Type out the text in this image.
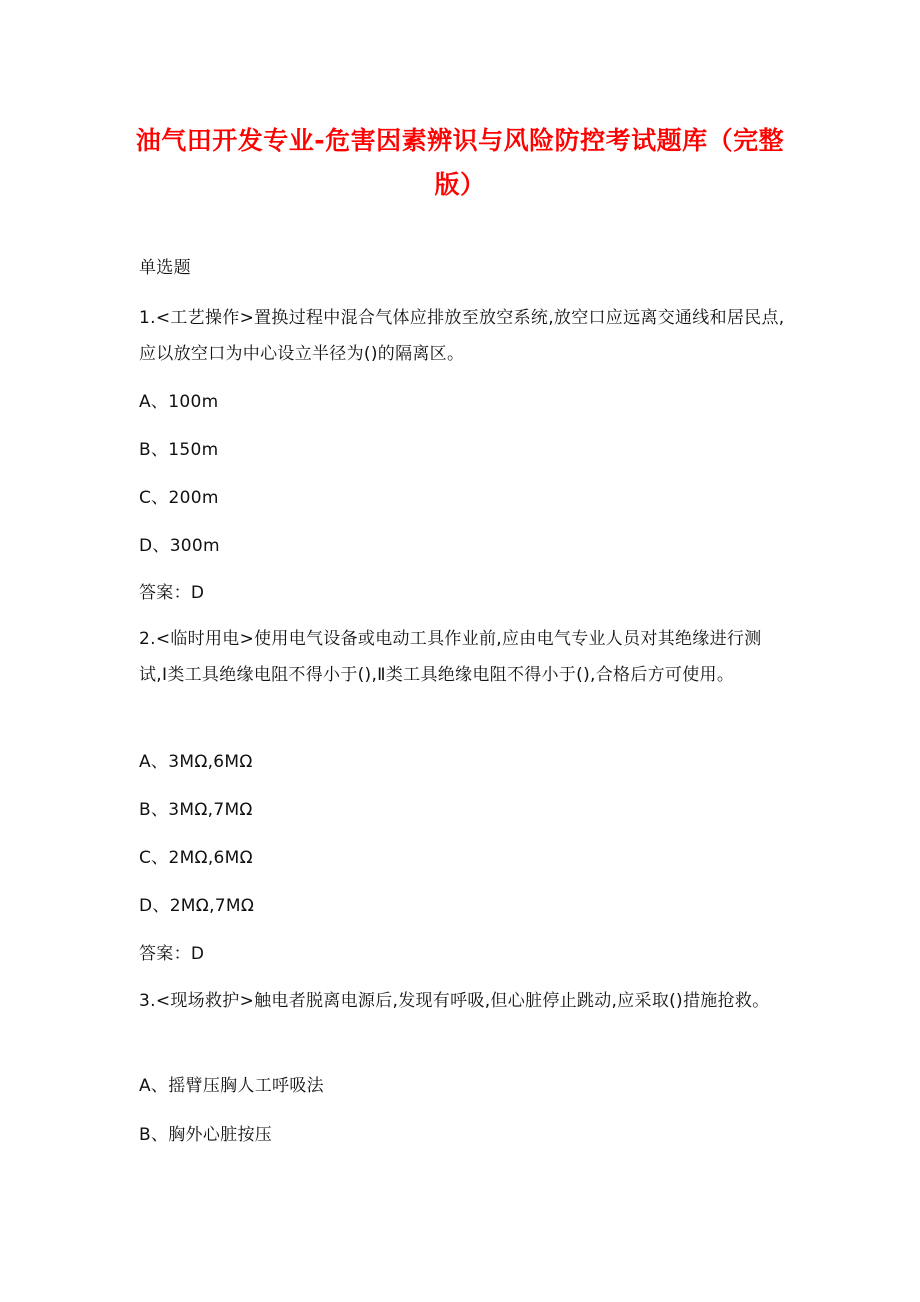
油气田开发专业-危害因素辨识与风险防控考试题库（完整版）
单选题
1.<工艺操作>置换过程中混合气体应排放至放空系统,放空口应远离交通线和居民点,应以放空口为中心设立半径为()的隔离区。
A、100m
B、150m
C、200m
D、300m
答案：D
2.<临时用电>使用电气设备或电动工具作业前,应由电气专业人员对其绝缘进行测试,Ⅰ类工具绝缘电阻不得小于(),Ⅱ类工具绝缘电阻不得小于(),合格后方可使用。
A、3MΩ,6MΩ
B、3MΩ,7MΩ
C、2MΩ,6MΩ
D、2MΩ,7MΩ
答案：D
3.<现场救护>触电者脱离电源后,发现有呼吸,但心脏停止跳动,应采取()措施抢救。
A、摇臂压胸人工呼吸法
B、胸外心脏按压
